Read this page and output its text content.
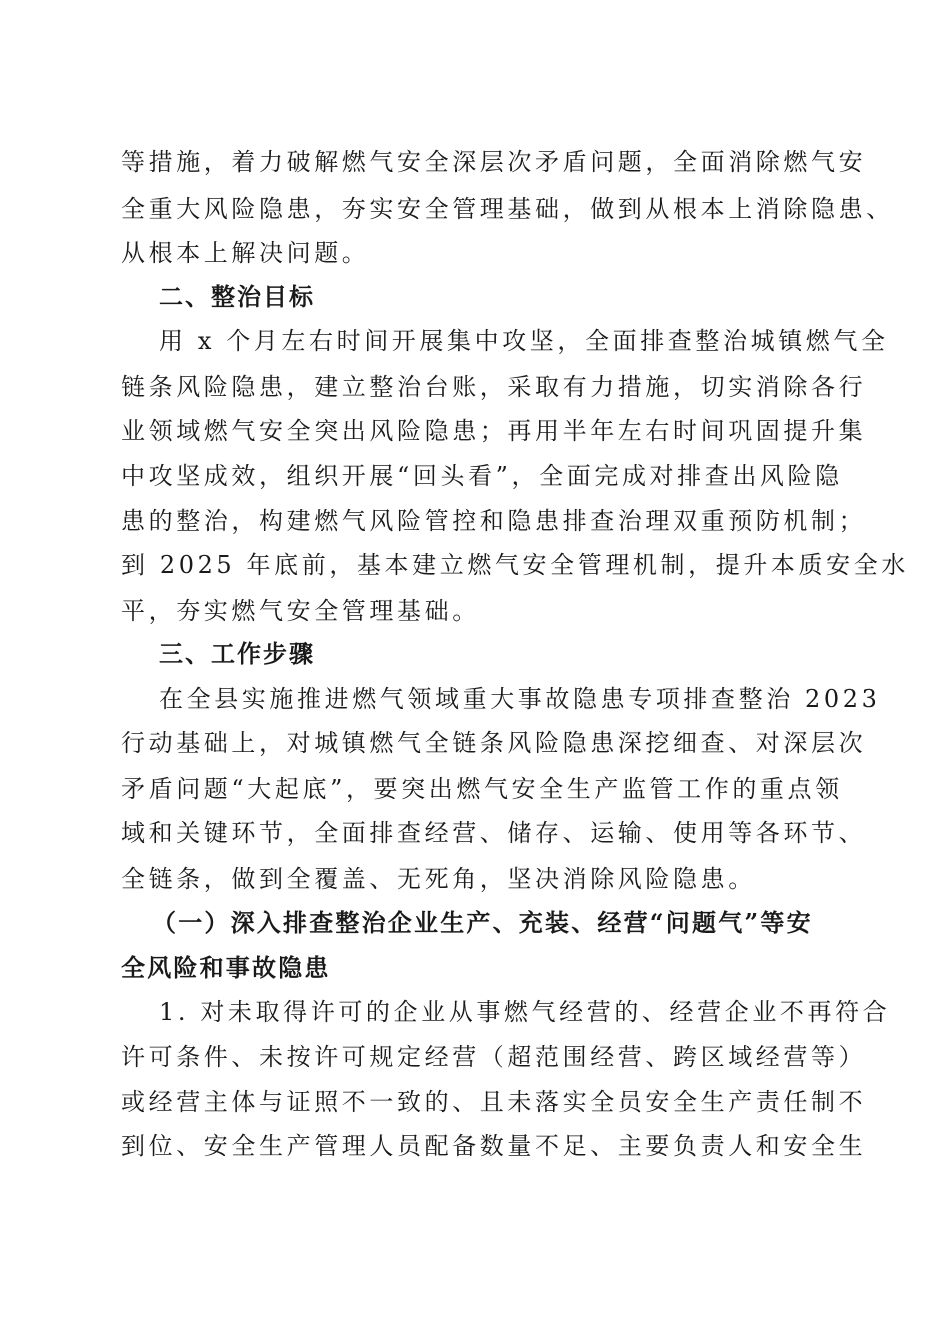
等措施，着力破解燃气安全深层次矛盾问题，全面消除燃气安
全重大风险隐患，夯实安全管理基础，做到从根本上消除隐患、
从根本上解决问题。
二、整治目标
用 x 个月左右时间开展集中攻坚，全面排查整治城镇燃气全
链条风险隐患，建立整治台账，采取有力措施，切实消除各行
业领域燃气安全突出风险隐患；再用半年左右时间巩固提升集
中攻坚成效，组织开展“回头看”，全面完成对排查出风险隐
患的整治，构建燃气风险管控和隐患排查治理双重预防机制；
到 2025 年底前，基本建立燃气安全管理机制，提升本质安全水
平，夯实燃气安全管理基础。
三、工作步骤
在全县实施推进燃气领域重大事故隐患专项排查整治 2023
行动基础上，对城镇燃气全链条风险隐患深挖细查、对深层次
矛盾问题“大起底”，要突出燃气安全生产监管工作的重点领
域和关键环节，全面排查经营、储存、运输、使用等各环节、
全链条，做到全覆盖、无死角，坚决消除风险隐患。
（一）深入排查整治企业生产、充装、经营“问题气”等安
全风险和事故隐患
1. 对未取得许可的企业从事燃气经营的、经营企业不再符合
许可条件、未按许可规定经营（超范围经营、跨区域经营等）
或经营主体与证照不一致的、且未落实全员安全生产责任制不
到位、安全生产管理人员配备数量不足、主要负责人和安全生
